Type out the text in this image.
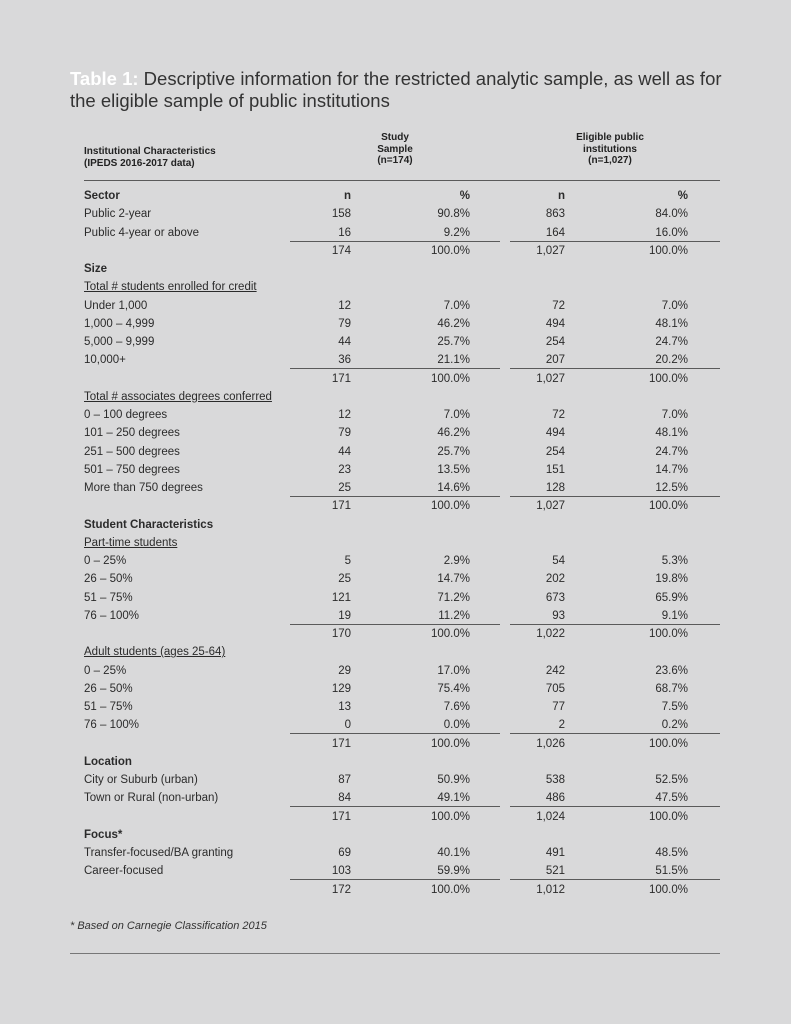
Table 1: Descriptive information for the restricted analytic sample, as well as for the eligible sample of public institutions
Institutional Characteristics
(IPEDS 2016-2017 data)
Study
Sample
(n=174)
Eligible public
institutions
(n=1,027)
Sector	n	%	n	%
Public 2-year	158	90.8%	863	84.0%
Public 4-year or above	16	9.2%	164	16.0%
174	100.0%	1,027	100.0%
Size
Total # students enrolled for credit
Under 1,000	12	7.0%	72	7.0%
1,000 – 4,999	79	46.2%	494	48.1%
5,000 – 9,999	44	25.7%	254	24.7%
10,000+	36	21.1%	207	20.2%
171	100.0%	1,027	100.0%
Total # associates degrees conferred
0 – 100 degrees	12	7.0%	72	7.0%
101 – 250 degrees	79	46.2%	494	48.1%
251 – 500 degrees	44	25.7%	254	24.7%
501 – 750 degrees	23	13.5%	151	14.7%
More than 750 degrees	25	14.6%	128	12.5%
171	100.0%	1,027	100.0%
Student Characteristics
Part-time students
0 – 25%	5	2.9%	54	5.3%
26 – 50%	25	14.7%	202	19.8%
51 – 75%	121	71.2%	673	65.9%
76 – 100%	19	11.2%	93	9.1%
170	100.0%	1,022	100.0%
Adult students (ages 25-64)
0 – 25%	29	17.0%	242	23.6%
26 – 50%	129	75.4%	705	68.7%
51 – 75%	13	7.6%	77	7.5%
76 – 100%	0	0.0%	2	0.2%
171	100.0%	1,026	100.0%
Location
City or Suburb (urban)	87	50.9%	538	52.5%
Town or Rural (non-urban)	84	49.1%	486	47.5%
171	100.0%	1,024	100.0%
Focus*
Transfer-focused/BA granting	69	40.1%	491	48.5%
Career-focused	103	59.9%	521	51.5%
172	100.0%	1,012	100.0%
* Based on Carnegie Classification 2015
